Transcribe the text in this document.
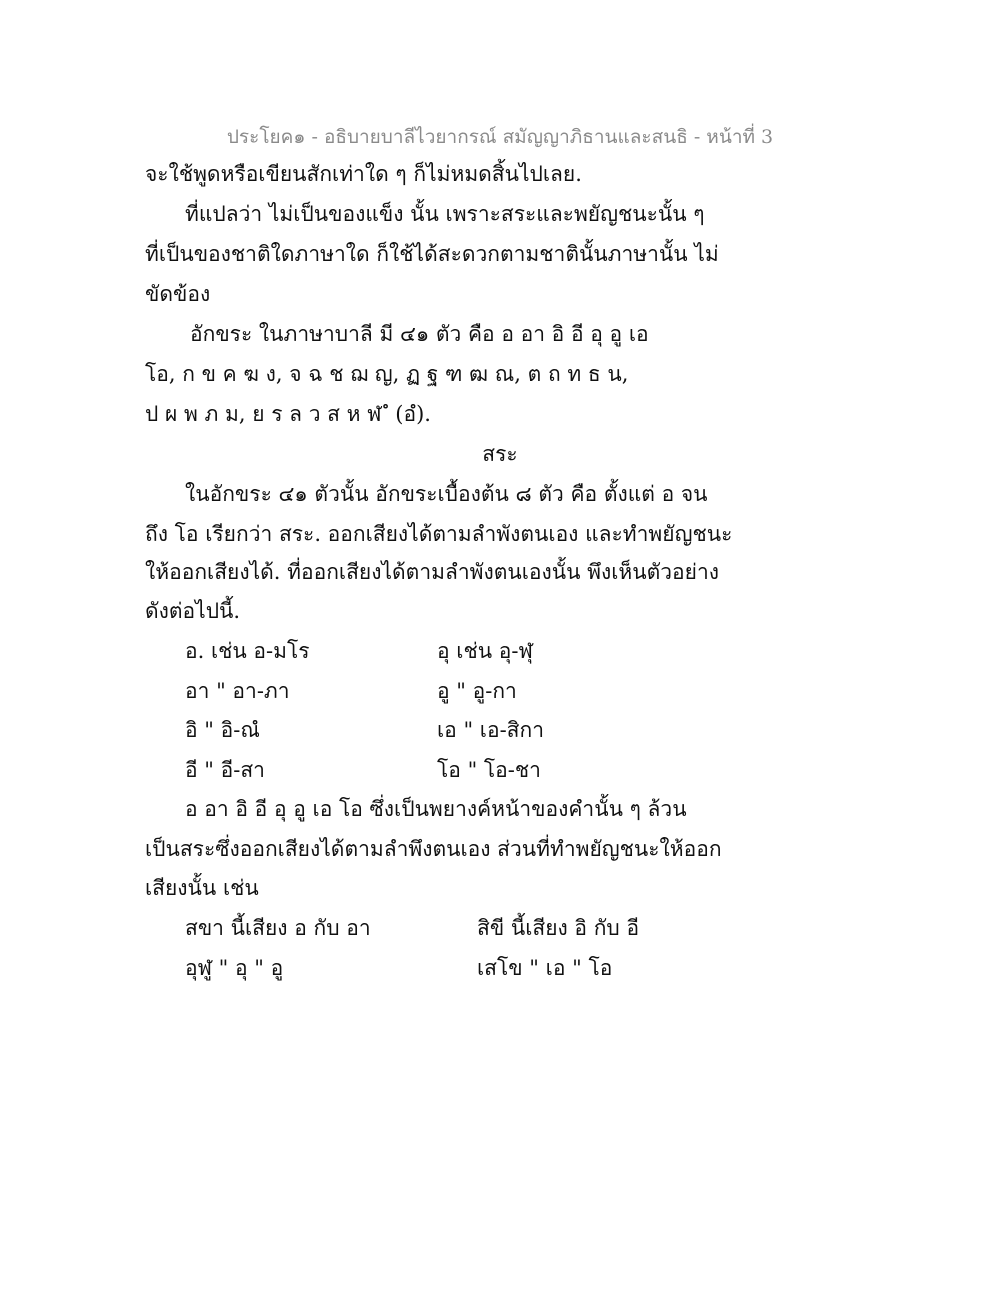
ประโยค๑ - อธิบายบาลีไวยากรณ์ สมัญญาภิธานและสนธิ - หน้าที่ 3
จะใช้พูดหรือเขียนสักเท่าใด ๆ ก็ไม่หมดสิ้นไปเลย.
ที่แปลว่า ไม่เป็นของแข็ง นั้น เพราะสระและพยัญชนะนั้น ๆ
ที่เป็นของชาติใดภาษาใด ก็ใช้ได้สะดวกตามชาตินั้นภาษานั้น ไม่
ขัดข้อง
อักขระ ในภาษาบาลี มี ๔๑ ตัว คือ อ อา อิ อี อุ อู เอ
โอ, ก ข ค ฆ ง, จ ฉ ช ฌ ญ, ฏ ฐ ฑ ฒ ณ, ต ถ ท ธ น,
ป ผ พ ภ ม, ย ร ล ว ส ห ฬ ํ (อํ).
สระ
ในอักขระ ๔๑ ตัวนั้น อักขระเบื้องต้น ๘ ตัว คือ ตั้งแต่ อ จน
ถึง โอ เรียกว่า สระ. ออกเสียงได้ตามลำพังตนเอง และทำพยัญชนะ
ให้ออกเสียงได้. ที่ออกเสียงได้ตามลำพังตนเองนั้น พึงเห็นตัวอย่าง
ดังต่อไปนี้.
อ. เช่น อ-มโร	อุ เช่น อุ-ฬุ
อา " อา-ภา	อู " อู-กา
อิ " อิ-ณํ	เอ " เอ-สิกา
อี " อี-สา	โอ " โอ-ชา
อ อา อิ อี อุ อู เอ โอ ซึ่งเป็นพยางค์หน้าของคำนั้น ๆ ล้วน
เป็นสระซึ่งออกเสียงได้ตามลำพึงตนเอง ส่วนที่ทำพยัญชนะให้ออก
เสียงนั้น เช่น
สขา นี้เสียง อ กับ อา	สิขี นี้เสียง อิ กับ อี
อุฬู " อุ " อู	เสโข " เอ " โอ
